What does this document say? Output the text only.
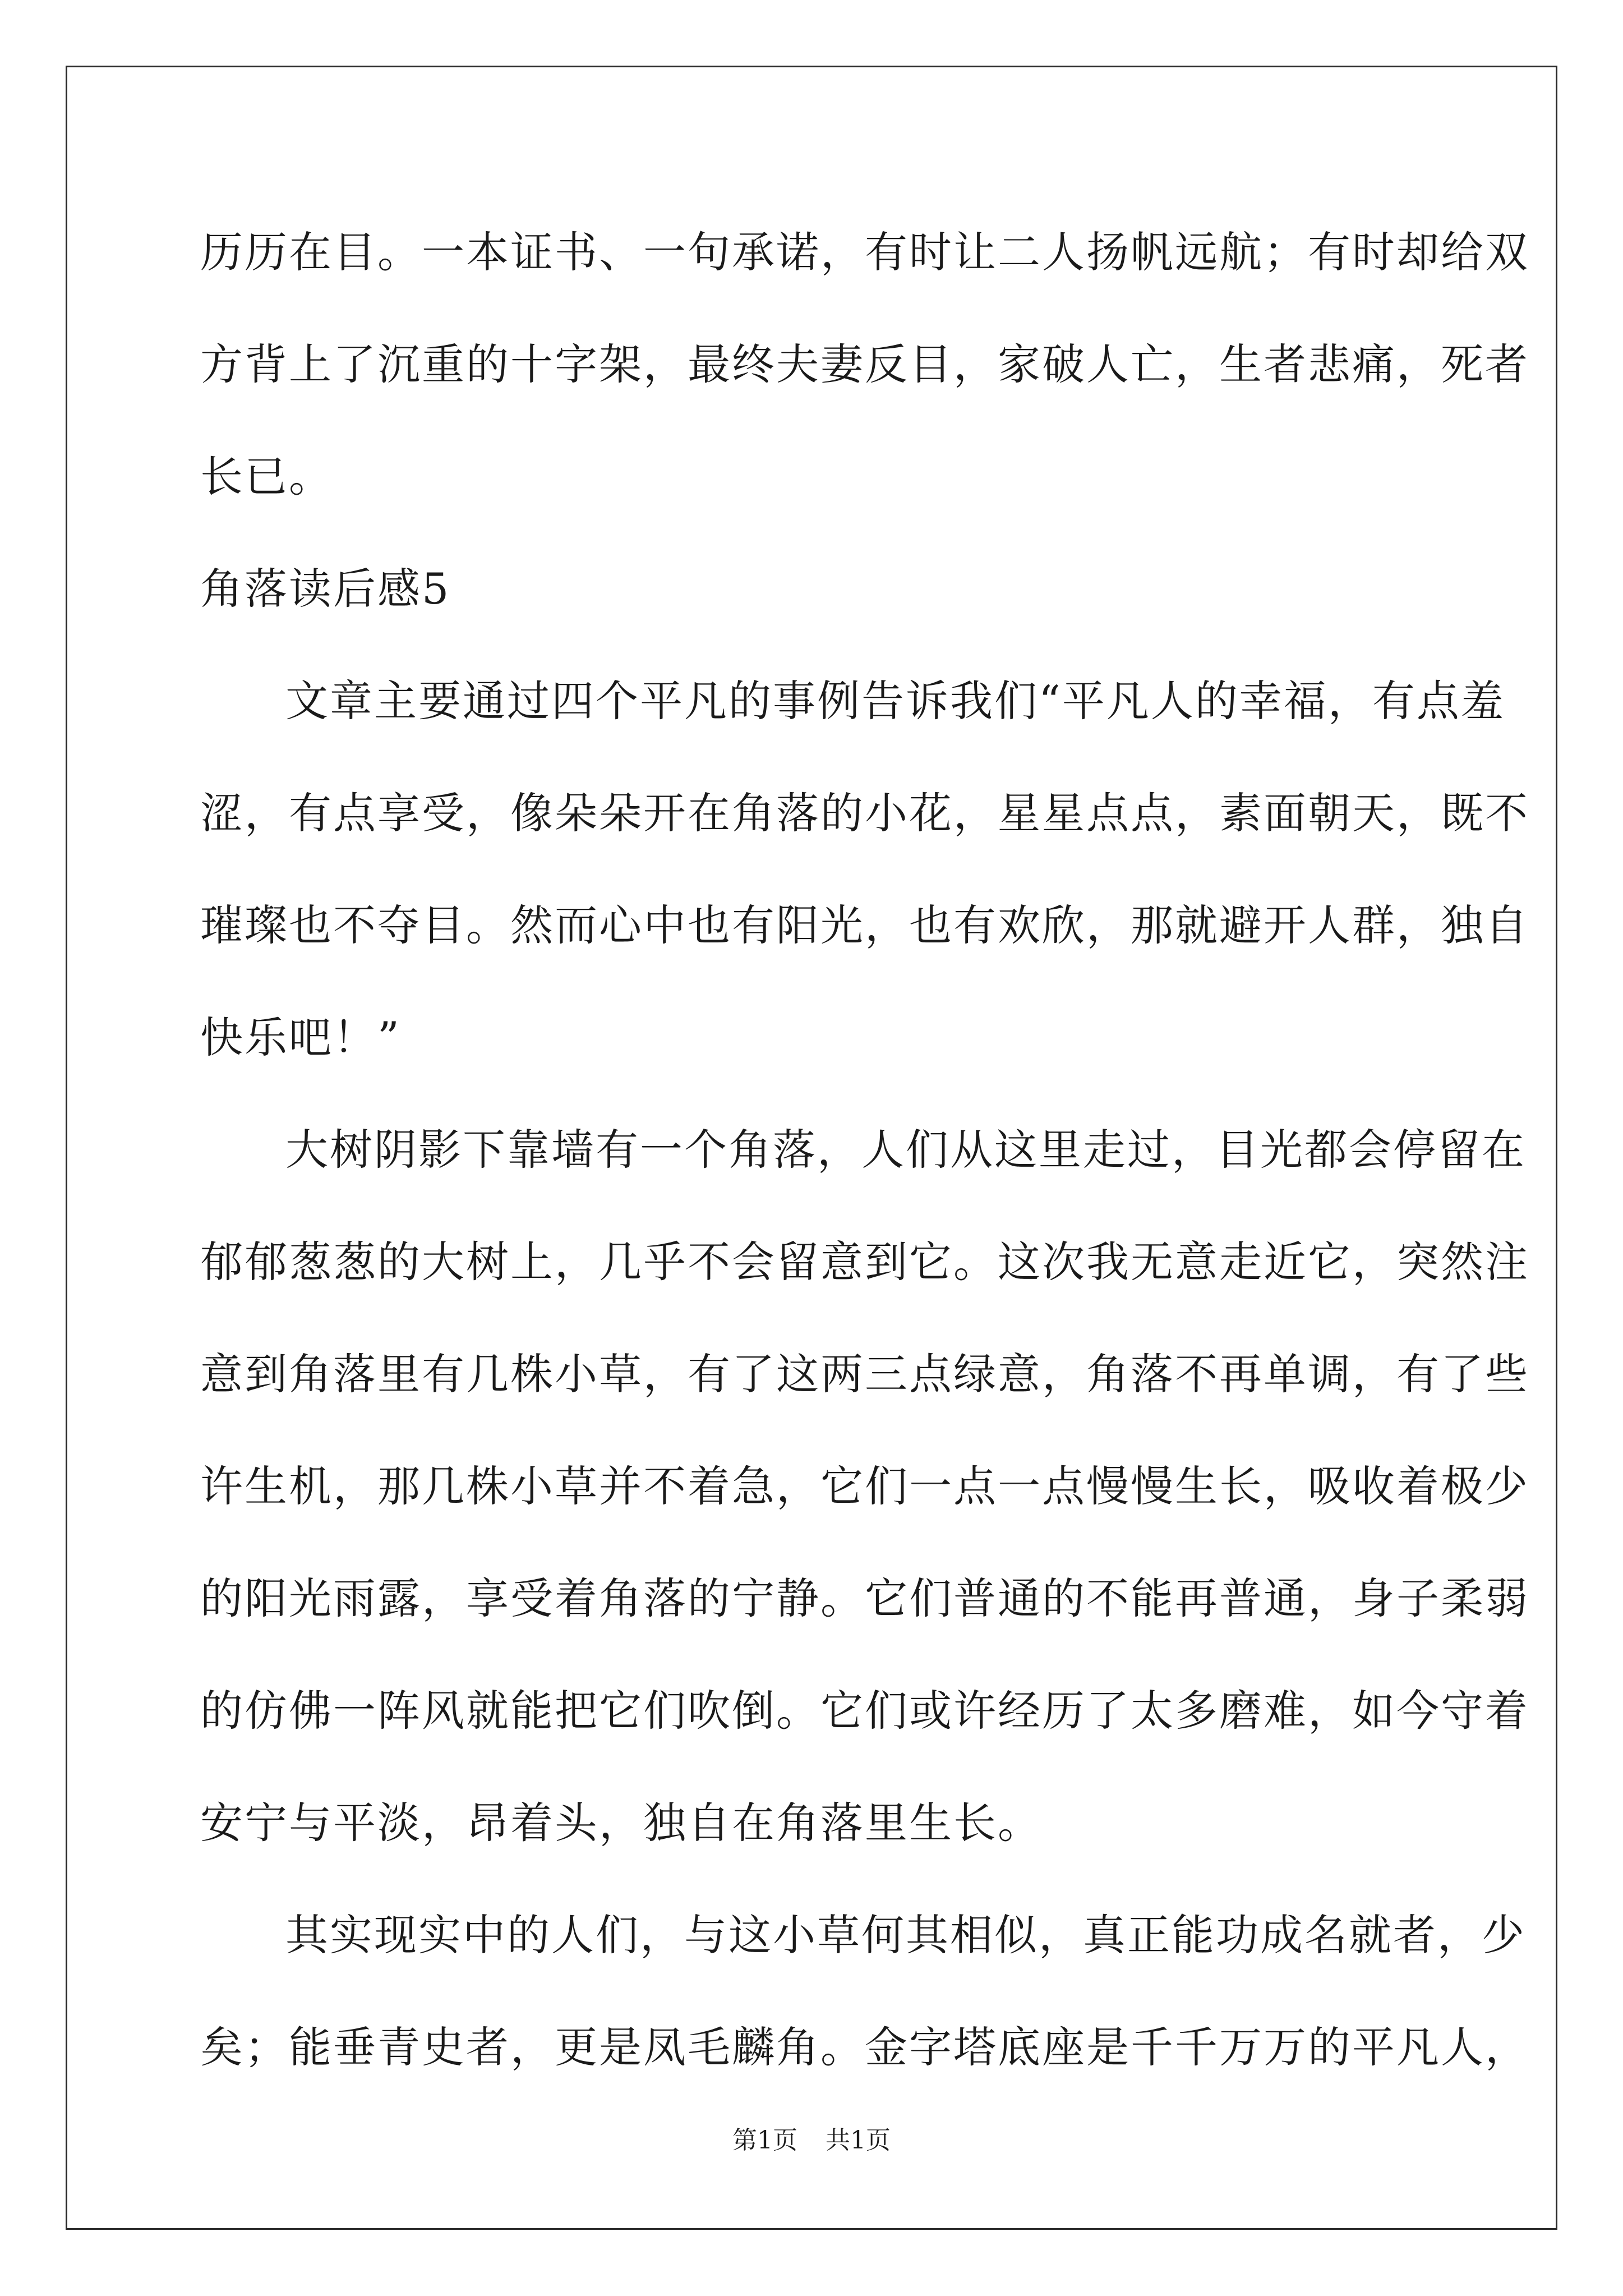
历历在目。一本证书、一句承诺，有时让二人扬帆远航；有时却给双
方背上了沉重的十字架，最终夫妻反目，家破人亡，生者悲痛，死者
长已。
角落读后感5
文章主要通过四个平凡的事例告诉我们“平凡人的幸福，有点羞
涩，有点享受，像朵朵开在角落的小花，星星点点，素面朝天，既不
璀璨也不夺目。然而心中也有阳光，也有欢欣，那就避开人群，独自
快乐吧！”
大树阴影下靠墙有一个角落，人们从这里走过，目光都会停留在
郁郁葱葱的大树上，几乎不会留意到它。这次我无意走近它，突然注
意到角落里有几株小草，有了这两三点绿意，角落不再单调，有了些
许生机，那几株小草并不着急，它们一点一点慢慢生长，吸收着极少
的阳光雨露，享受着角落的宁静。它们普通的不能再普通，身子柔弱
的仿佛一阵风就能把它们吹倒。它们或许经历了太多磨难，如今守着
安宁与平淡，昂着头，独自在角落里生长。
其实现实中的人们，与这小草何其相似，真正能功成名就者，少
矣；能垂青史者，更是凤毛麟角。金字塔底座是千千万万的平凡人，
第1页 共1页
